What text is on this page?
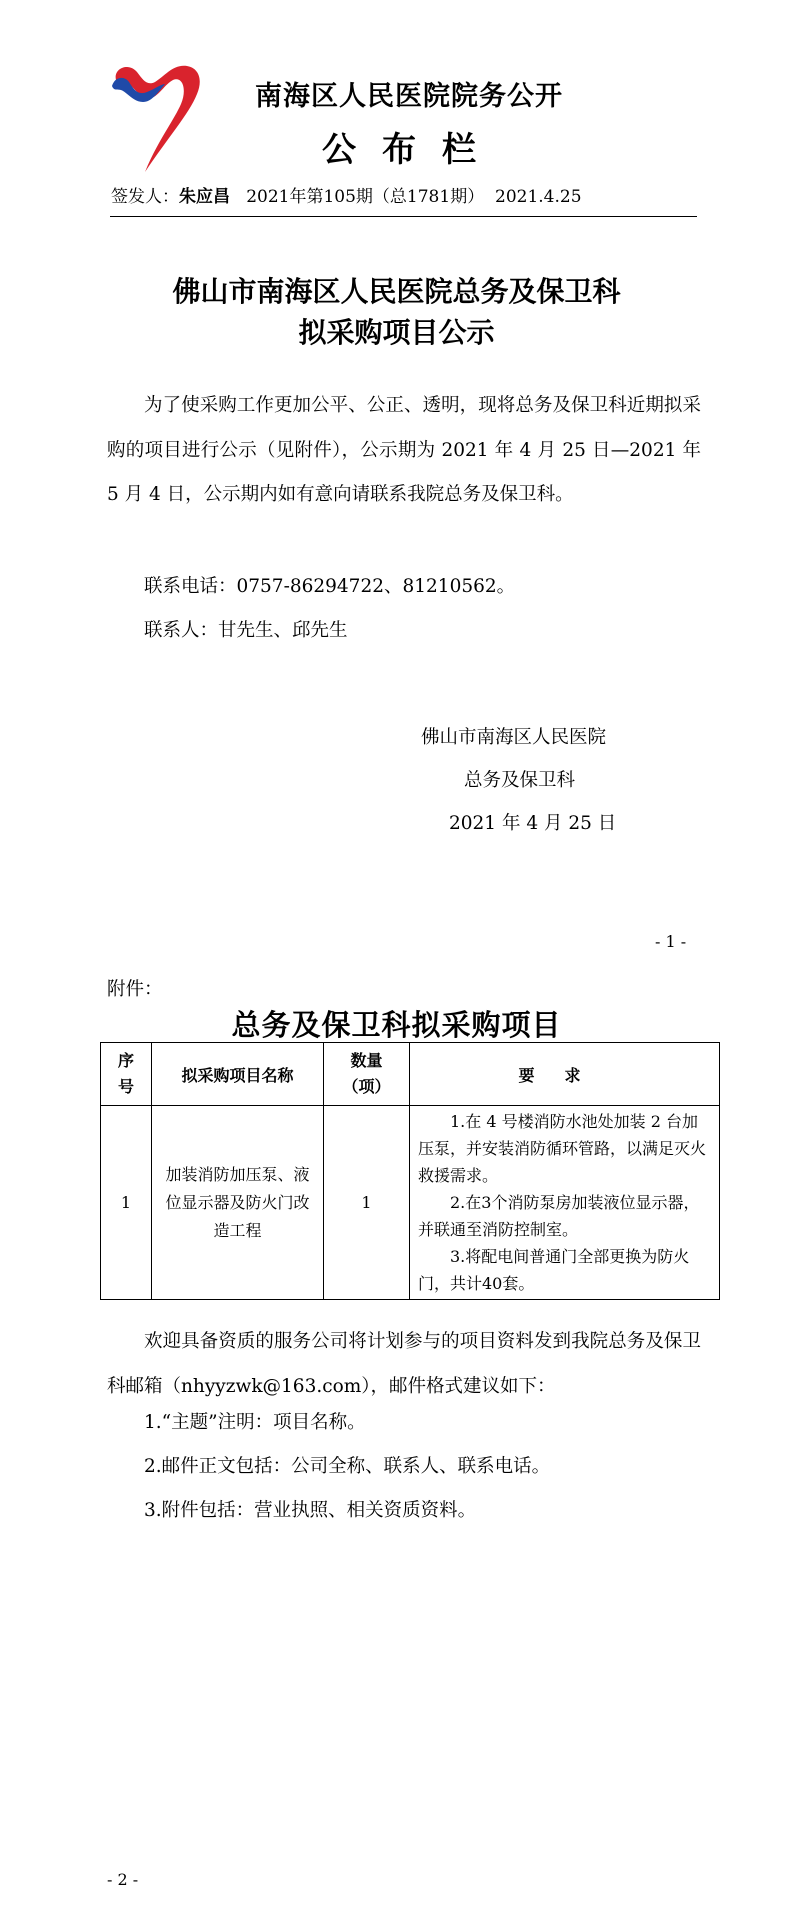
南海区人民医院院务公开
公布栏
签发人：朱应昌 2021年第105期（总1781期） 2021.4.25
佛山市南海区人民医院总务及保卫科
拟采购项目公示
为了使采购工作更加公平、公正、透明，现将总务及保卫科近期拟采购的项目进行公示（见附件），公示期为 2021 年 4 月 25 日—2021 年 5 月 4 日，公示期内如有意向请联系我院总务及保卫科。
联系电话：0757-86294722、81210562。
联系人：甘先生、邱先生
佛山市南海区人民医院
总务及保卫科
2021 年 4 月 25 日
- 1 -
附件：
总务及保卫科拟采购项目
序号	拟采购项目名称	数量（项）	要求
1	加装消防加压泵、液位显示器及防火门改造工程	1	1.在 4 号楼消防水池处加装 2 台加压泵，并安装消防循环管路，以满足灭火救援需求。
2.在3个消防泵房加装液位显示器，并联通至消防控制室。
3.将配电间普通门全部更换为防火门，共计40套。
欢迎具备资质的服务公司将计划参与的项目资料发到我院总务及保卫科邮箱（nhyyzwk@163.com），邮件格式建议如下：
1.“主题”注明：项目名称。
2.邮件正文包括：公司全称、联系人、联系电话。
3.附件包括：营业执照、相关资质资料。
- 2 -
